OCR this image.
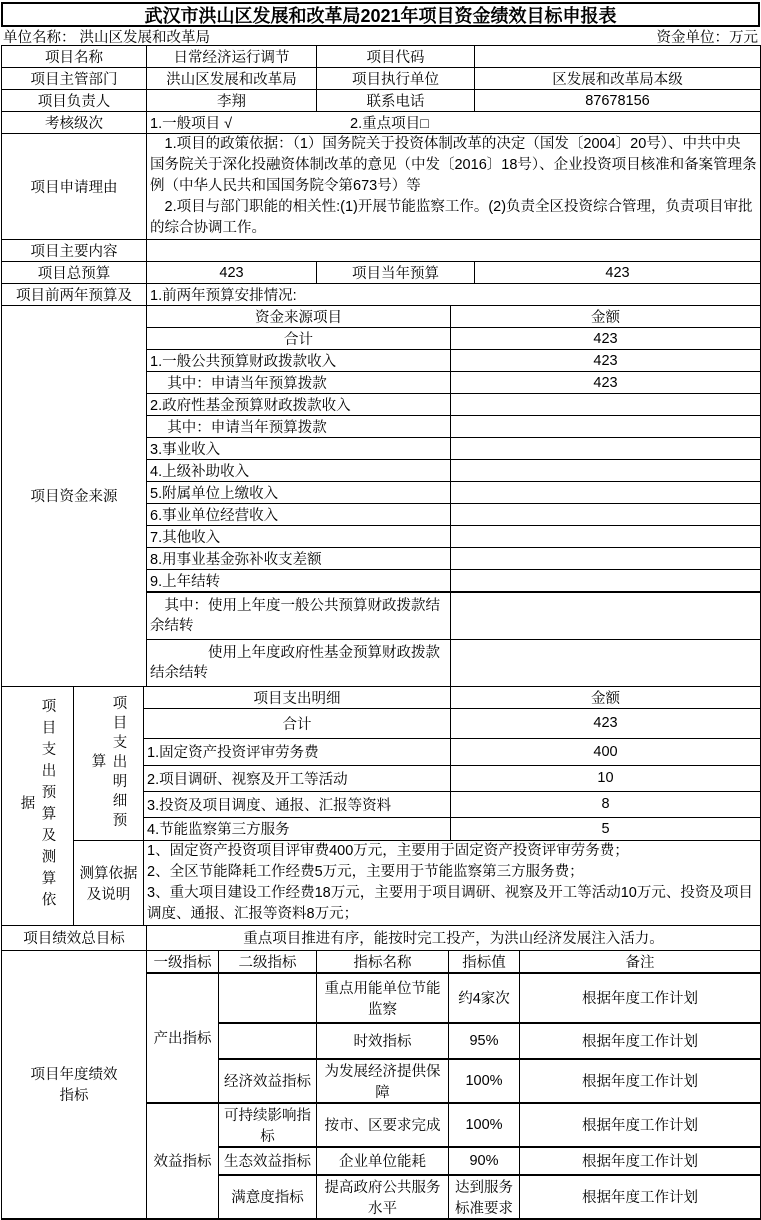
武汉市洪山区发展和改革局2021年项目资金绩效目标申报表
单位名称： 洪山区发展和改革局	资金单位：万元
项目名称	日常经济运行调节	项目代码	
项目主管部门	洪山区发展和改革局	项目执行单位	区发展和改革局本级
项目负责人	李翔	联系电话	87678156
考核级次	1.一般项目 √ 2.重点项目□		
项目申请理由	1.项目的政策依据：（1）国务院关于投资体制改革的决定（国发〔2004〕20号）、中共中央 国务院关于深化投融资体制改革的意见（中发〔2016〕18号）、企业投资项目核准和备案管理条例（中华人民共和国国务院令第673号）等
2.项目与部门职能的相关性:(1)开展节能监察工作。(2)负责全区投资综合管理，负责项目审批的综合协调工作。

项目主要内容	
项目总预算	423	项目当年预算	423
项目前两年预算及	1.前两年预算安排情况:	
项目资金来源	资金来源项目	金额
	合计	423
	1.一般公共预算财政拨款收入	423
	其中：申请当年预算拨款	423
	2.政府性基金预算财政拨款收入	
	其中：申请当年预算拨款	
	3.事业收入	
	4.上级补助收入	
	5.附属单位上缴收入	
	6.事业单位经营收入	
	7.其他收入	
	8.用事业基金弥补收支差额	
	9.上年结转	
	其中：使用上年度一般公共预算财政拨款结余结转	
	使用上年度政府性基金预算财政拨款结余结转	
项目支出预算及测算依据	项目支出明细预算	项目支出明细	金额
		合计	423
		1.固定资产投资评审劳务费	400
		2.项目调研、视察及开工等活动	10
		3.投资及项目调度、通报、汇报等资料	8
		4.节能监察第三方服务	5

	测算依据及说明	1、固定资产投资项目评审费400万元，主要用于固定资产投资评审劳务费；
2、全区节能降耗工作经费5万元，主要用于节能监察第三方服务费；
3、重大项目建设工作经费18万元，主要用于项目调研、视察及开工等活动10万元、投资及项目调度、通报、汇报等资料8万元；	
项目绩效总目标	重点项目推进有序，能按时完工投产，为洪山经济发展注入活力。
项目年度绩效指标	一级指标	二级指标	指标名称	指标值	备注
	产出指标		重点用能单位节能监察	约4家次	根据年度工作计划
			时效指标	95%	根据年度工作计划
		经济效益指标	为发展经济提供保障	100%	根据年度工作计划
	效益指标	可持续影响指标	按市、区要求完成	100%	根据年度工作计划
		生态效益指标	企业单位能耗	90%	根据年度工作计划
		满意度指标	提高政府公共服务水平	达到服务标准要求	根据年度工作计划
